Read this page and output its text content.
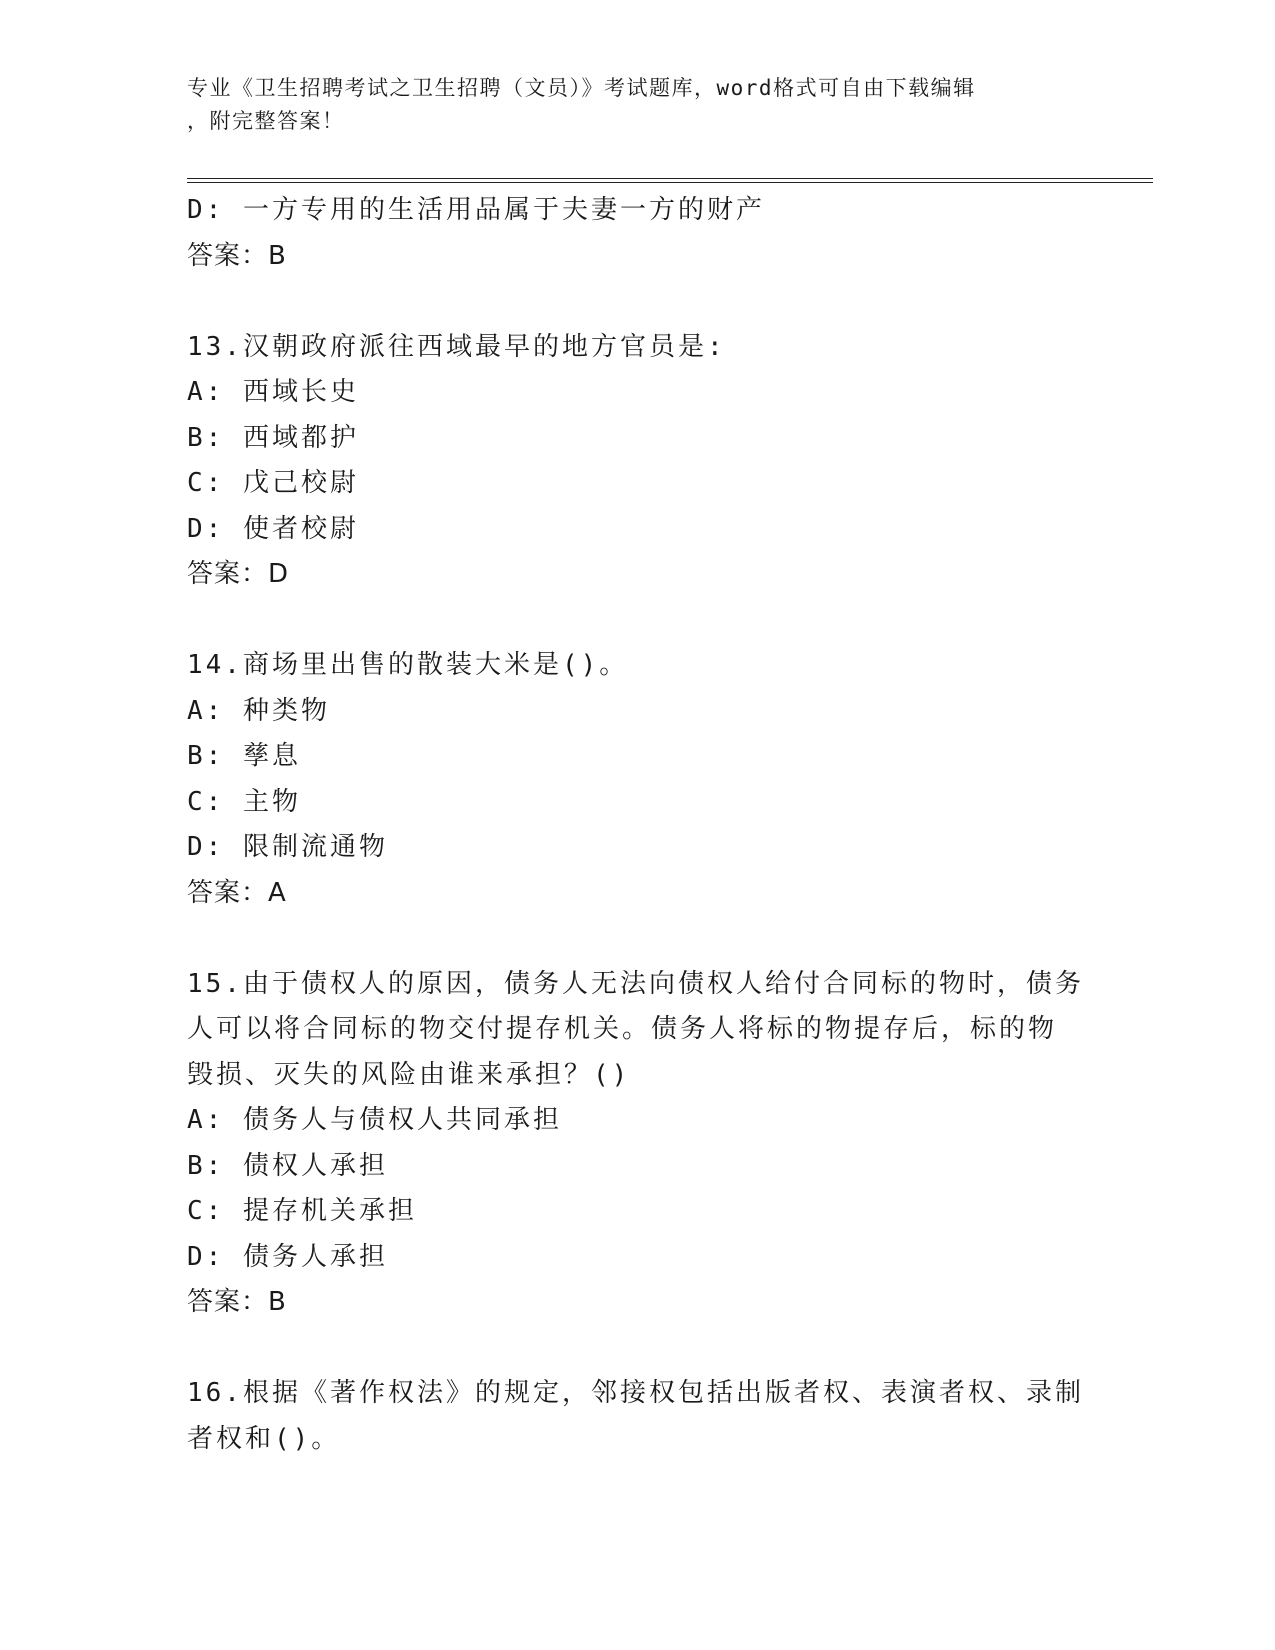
专业《卫生招聘考试之卫生招聘（文员）》考试题库，word格式可自由下载编辑
，附完整答案！
D: 一方专用的生活用品属于夫妻一方的财产
答案：B
13.汉朝政府派往西域最早的地方官员是:
A: 西域长史
B: 西域都护
C: 戊己校尉
D: 使者校尉
答案：D
14.商场里出售的散装大米是()。
A: 种类物
B: 孳息
C: 主物
D: 限制流通物
答案：A
15.由于债权人的原因，债务人无法向债权人给付合同标的物时，债务
人可以将合同标的物交付提存机关。债务人将标的物提存后，标的物
毁损、灭失的风险由谁来承担？()
A: 债务人与债权人共同承担
B: 债权人承担
C: 提存机关承担
D: 债务人承担
答案：B
16.根据《著作权法》的规定，邻接权包括出版者权、表演者权、录制
者权和()。
